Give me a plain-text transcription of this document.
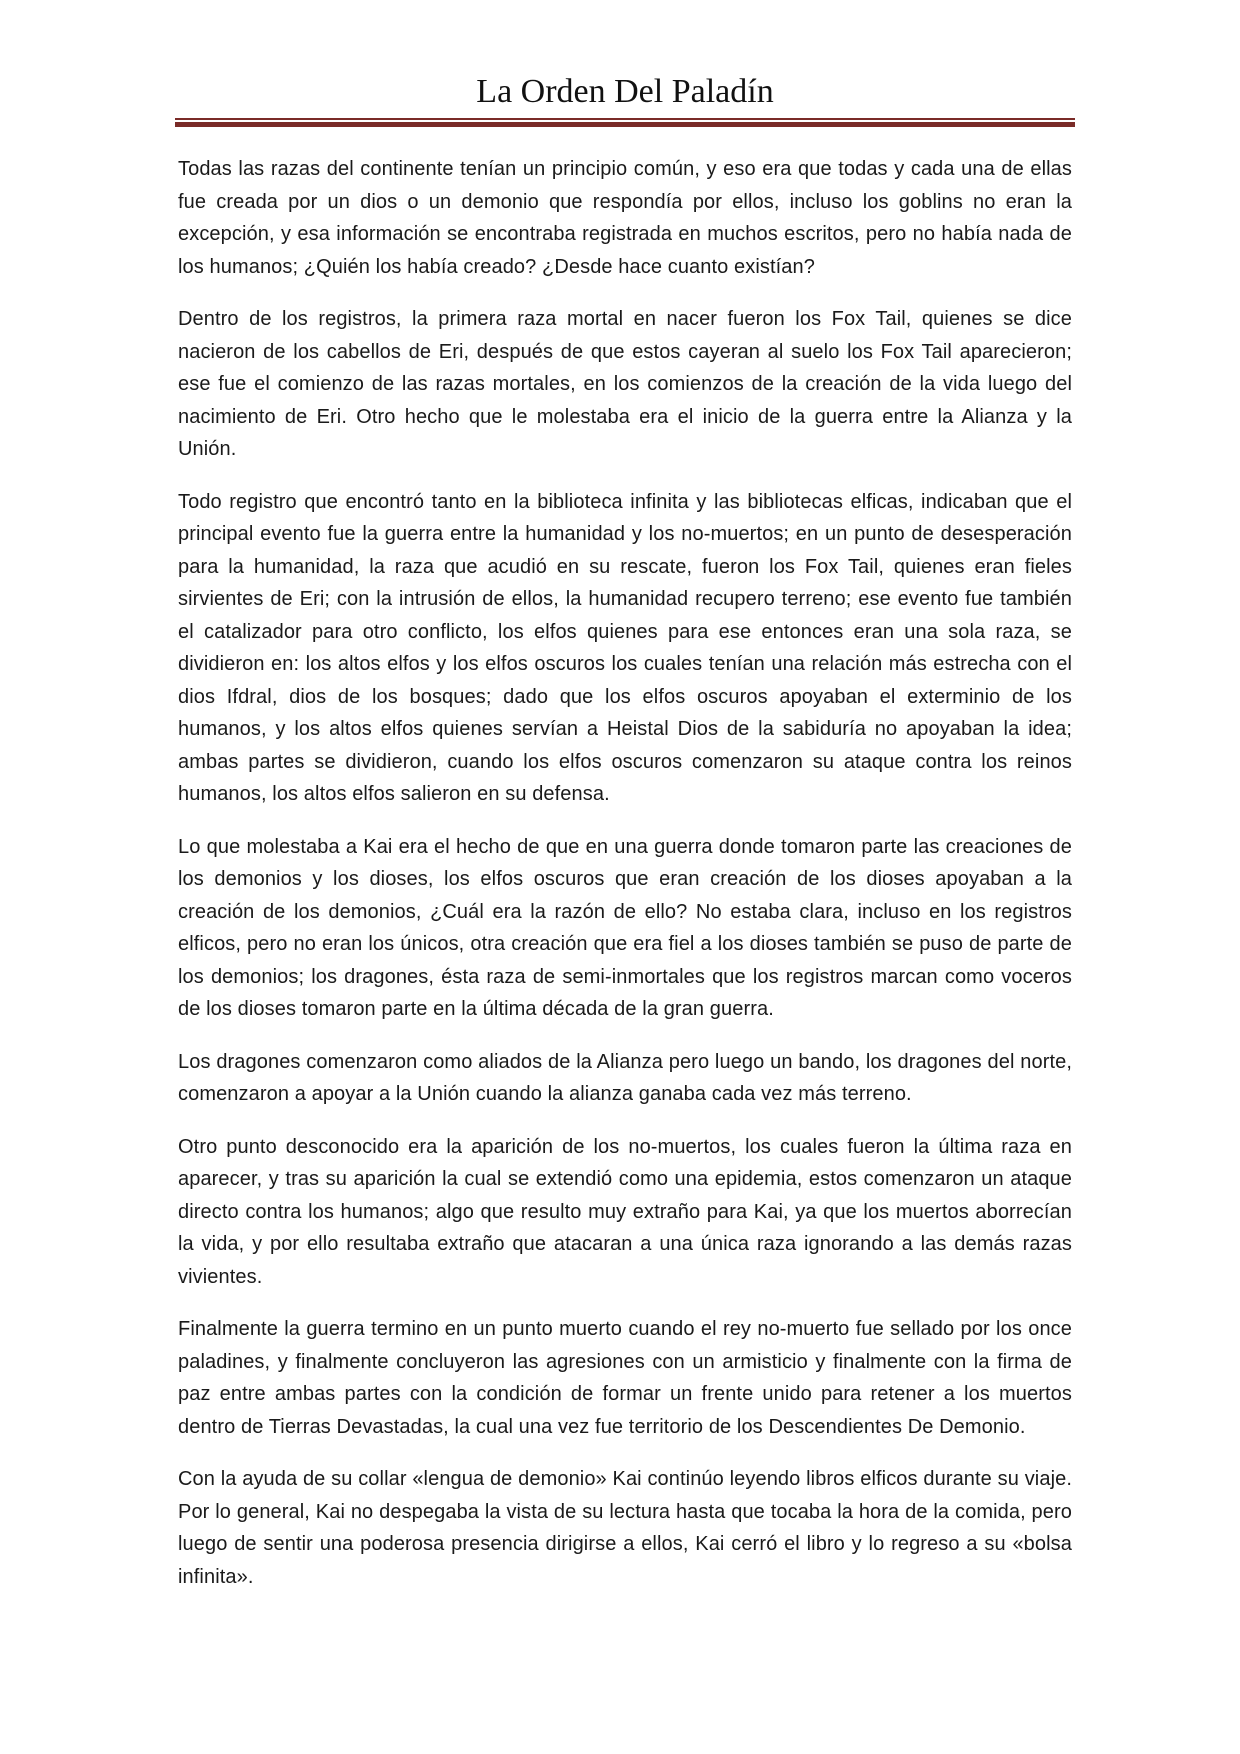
La Orden Del Paladín

Todas las razas del continente tenían un principio común, y eso era que todas y cada una de ellas fue creada por un dios o un demonio que respondía por ellos, incluso los goblins no eran la excepción, y esa información se encontraba registrada en muchos escritos, pero no había nada de los humanos; ¿Quién los había creado? ¿Desde hace cuanto existían?

Dentro de los registros, la primera raza mortal en nacer fueron los Fox Tail, quienes se dice nacieron de los cabellos de Eri, después de que estos cayeran al suelo los Fox Tail aparecieron; ese fue el comienzo de las razas mortales, en los comienzos de la creación de la vida luego del nacimiento de Eri. Otro hecho que le molestaba era el inicio de la guerra entre la Alianza y la Unión.

Todo registro que encontró tanto en la biblioteca infinita y las bibliotecas elficas, indicaban que el principal evento fue la guerra entre la humanidad y los no-muertos; en un punto de desesperación para la humanidad, la raza que acudió en su rescate, fueron los Fox Tail, quienes eran fieles sirvientes de Eri; con la intrusión de ellos, la humanidad recupero terreno; ese evento fue también el catalizador para otro conflicto, los elfos quienes para ese entonces eran una sola raza, se dividieron en: los altos elfos y los elfos oscuros los cuales tenían una relación más estrecha con el dios Ifdral, dios de los bosques; dado que los elfos oscuros apoyaban el exterminio de los humanos, y los altos elfos quienes servían a Heistal Dios de la sabiduría no apoyaban la idea; ambas partes se dividieron, cuando los elfos oscuros comenzaron su ataque contra los reinos humanos, los altos elfos salieron en su defensa.

Lo que molestaba a Kai era el hecho de que en una guerra donde tomaron parte las creaciones de los demonios y los dioses, los elfos oscuros que eran creación de los dioses apoyaban a la creación de los demonios, ¿Cuál era la razón de ello? No estaba clara, incluso en los registros elficos, pero no eran los únicos, otra creación que era fiel a los dioses también se puso de parte de los demonios; los dragones, ésta raza de semi-inmortales que los registros marcan como voceros de los dioses tomaron parte en la última década de la gran guerra.

Los dragones comenzaron como aliados de la Alianza pero luego un bando, los dragones del norte, comenzaron a apoyar a la Unión cuando la alianza ganaba cada vez más terreno.

Otro punto desconocido era la aparición de los no-muertos, los cuales fueron la última raza en aparecer, y tras su aparición la cual se extendió como una epidemia, estos comenzaron un ataque directo contra los humanos; algo que resulto muy extraño para Kai, ya que los muertos aborrecían la vida, y por ello resultaba extraño que atacaran a una única raza ignorando a las demás razas vivientes.

Finalmente la guerra termino en un punto muerto cuando el rey no-muerto fue sellado por los once paladines, y finalmente concluyeron las agresiones con un armisticio y finalmente con la firma de paz entre ambas partes con la condición de formar un frente unido para retener a los muertos dentro de Tierras Devastadas, la cual una vez fue territorio de los Descendientes De Demonio.

Con la ayuda de su collar «lengua de demonio» Kai continúo leyendo libros elficos durante su viaje. Por lo general, Kai no despegaba la vista de su lectura hasta que tocaba la hora de la comida, pero luego de sentir una poderosa presencia dirigirse a ellos, Kai cerró el libro y lo regreso a su «bolsa infinita».
